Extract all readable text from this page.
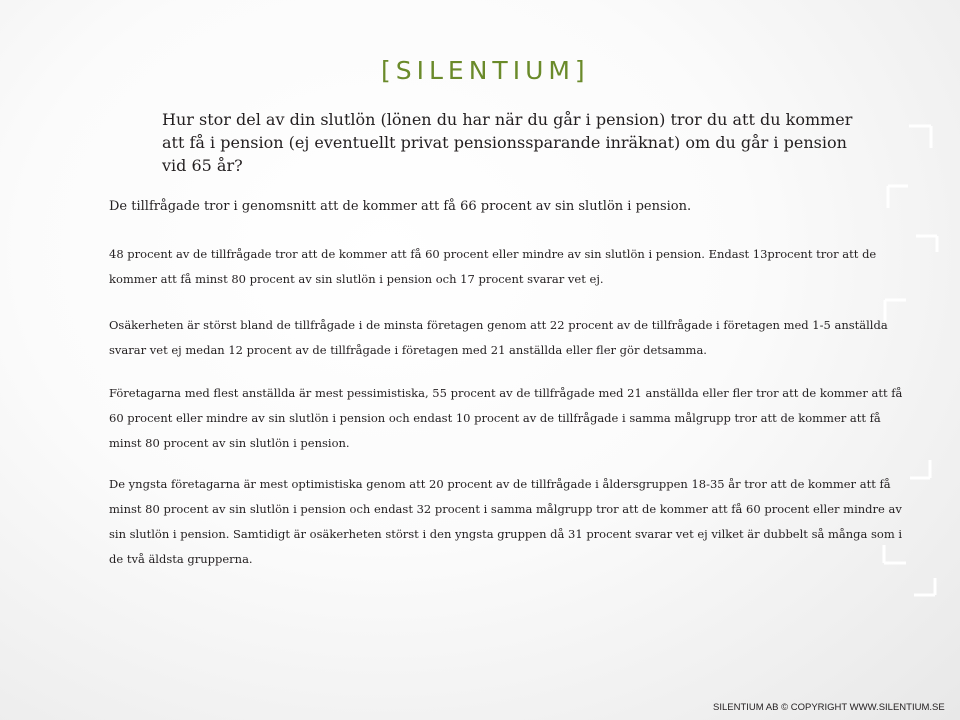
[SILENTIUM]
Hur stor del av din slutlön (lönen du har när du går i pension) tror du att du kommer
att få i pension (ej eventuellt privat pensionssparande inräknat) om du går i pension vid 65 år?
De tillfrågade tror i genomsnitt att de kommer att få 66 procent av sin slutlön i pension.
48 procent av de tillfrågade tror att de kommer att få 60 procent eller mindre av sin slutlön i pension. Endast 13procent tror att de kommer att få minst 80 procent av sin slutlön i pension och 17 procent svarar vet ej.
Osäkerheten är störst bland de tillfrågade i de minsta företagen genom att 22 procent av de tillfrågade i företagen med 1-5 anställda svarar vet ej medan 12 procent av de tillfrågade i företagen med 21 anställda eller fler gör detsamma.
Företagarna med flest anställda är mest pessimistiska, 55 procent av de tillfrågade med 21 anställda eller fler tror att de kommer att få 60 procent eller mindre av sin slutlön i pension och endast 10 procent av de tillfrågade i samma målgrupp tror att de kommer att få minst 80 procent av sin slutlön i pension.
De yngsta företagarna är mest optimistiska genom att 20 procent av de tillfrågade i åldersgruppen 18-35 år tror att de kommer att få minst 80 procent av sin slutlön i pension och endast 32 procent i samma målgrupp tror att de kommer att få 60 procent eller mindre av sin slutlön i pension. Samtidigt är osäkerheten störst i den yngsta gruppen då 31 procent svarar vet ej vilket är dubbelt så många som i de två äldsta grupperna.
SILENTIUM AB © COPYRIGHT WWW.SILENTIUM.SE
